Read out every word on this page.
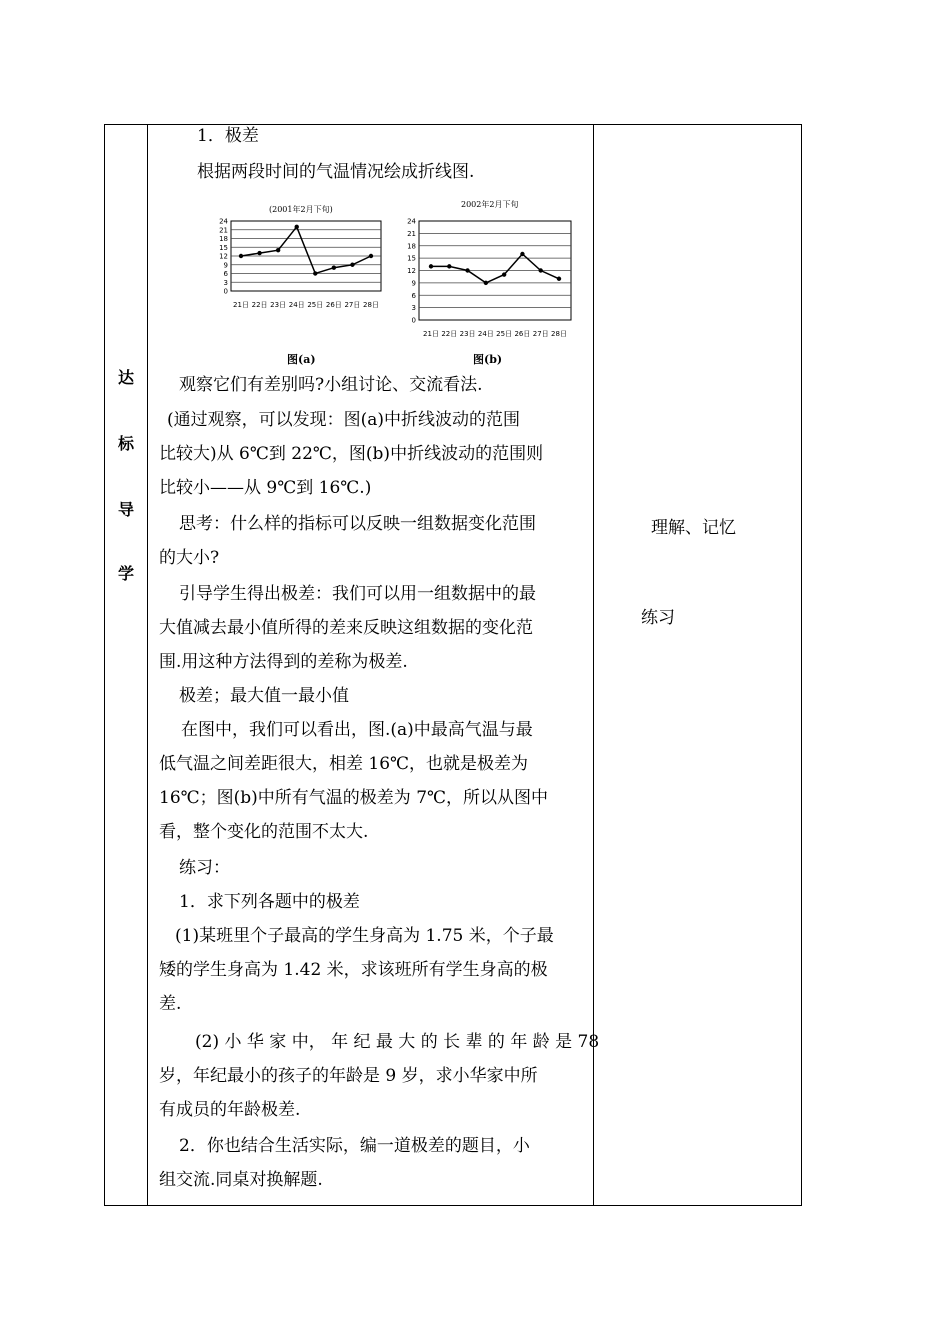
达
标
导
学
1．极差
根据两段时间的气温情况绘成折线图.
(2001年2月下旬)
2002年2月下旬
0
3
6
9
12
15
18
21
24
21日 22日 23日 24日 25日 26日 27日 28日
0
3
6
9
12
15
18
21
24
21日 22日 23日 24日 25日 26日 27日 28日
图(a)	图(b)
观察它们有差别吗?小组讨论、交流看法.
(通过观察，可以发现：图(a)中折线波动的范围
比较大)从 6℃到 22℃，图(b)中折线波动的范围则
比较小——从 9℃到 16℃.)
思考：什么样的指标可以反映一组数据变化范围
的大小?
引导学生得出极差：我们可以用一组数据中的最
大值减去最小值所得的差来反映这组数据的变化范
围.用这种方法得到的差称为极差.
极差；最大值一最小值
在图中，我们可以看出，图.(a)中最高气温与最
低气温之间差距很大，相差 16℃，也就是极差为
16℃；图(b)中所有气温的极差为 7℃，所以从图中
看，整个变化的范围不太大.
练习：
1．求下列各题中的极差
(1)某班里个子最高的学生身高为 1.75 米，个子最
矮的学生身高为 1.42 米，求该班所有学生身高的极
差.
(2) 小 华 家 中， 年 纪 最 大 的 长 辈 的 年 龄 是 78
岁，年纪最小的孩子的年龄是 9 岁，求小华家中所
有成员的年龄极差.
2．你也结合生活实际，编一道极差的题目，小
组交流.同桌对换解题.
理解、记忆
练习
